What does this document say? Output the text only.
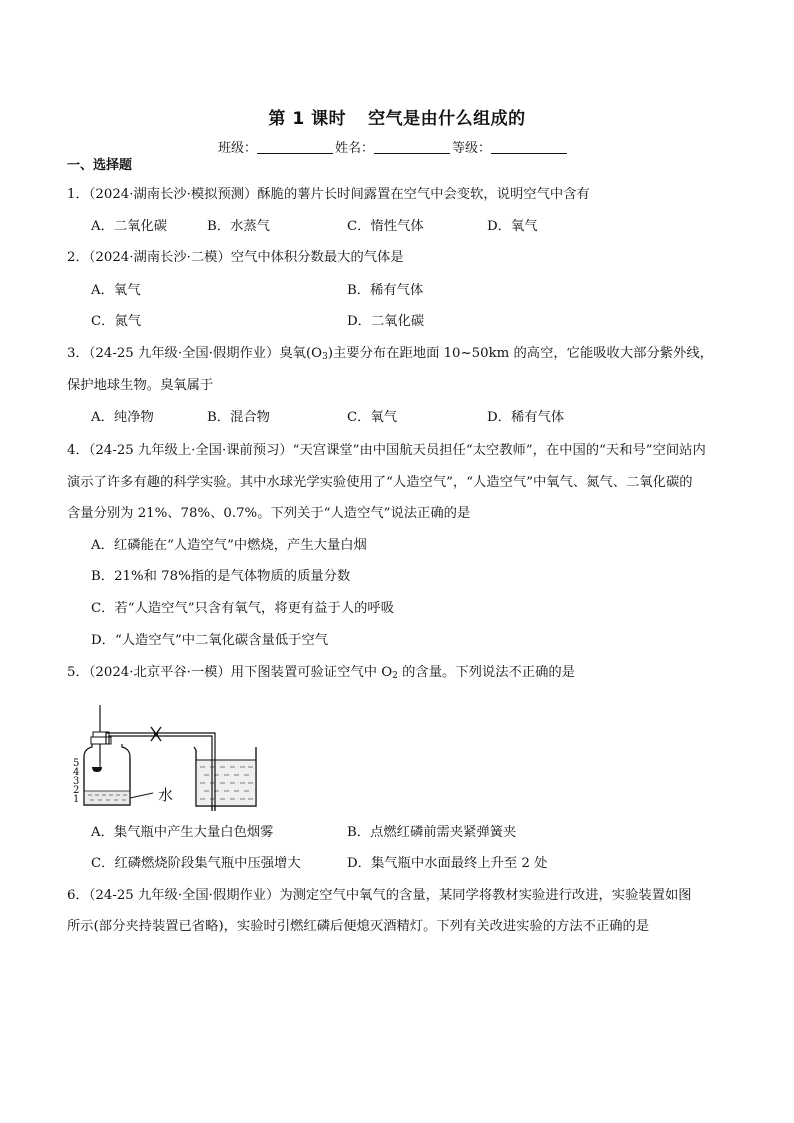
第 1 课时 空气是由什么组成的
班级：	姓名：	等级：
一、选择题
1．（2024·湖南长沙·模拟预测）酥脆的薯片长时间露置在空气中会变软，说明空气中含有
A．二氧化碳	B．水蒸气	C．惰性气体	D．氧气
2．（2024·湖南长沙·二模）空气中体积分数最大的气体是
A．氧气	B．稀有气体
C．氮气	D．二氧化碳
3．（24-25 九年级·全国·假期作业）臭氧$(O_3)$主要分布在距地面 10~50km 的高空，它能吸收大部分紫外线，
保护地球生物。臭氧属于
A．纯净物	B．混合物	C．氧气	D．稀有气体
4．（24-25 九年级上·全国·课前预习）“天宫课堂”由中国航天员担任“太空教师”，在中国的“天和号”空间站内
演示了许多有趣的科学实验。其中水球光学实验使用了“人造空气”，“人造空气”中氧气、氮气、二氧化碳的
含量分别为 21%、78%、0.7%。下列关于“人造空气”说法正确的是
A．红磷能在“人造空气”中燃烧，产生大量白烟
B．21%和 78%指的是气体物质的质量分数
C．若“人造空气”只含有氧气，将更有益于人的呼吸
D．“人造空气”中二氧化碳含量低于空气
5．（2024·北京平谷·一模）用下图装置可验证空气中 $O_2$ 的含量。下列说法不正确的是
5
4
3
2
1	水
A．集气瓶中产生大量白色烟雾	B．点燃红磷前需夹紧弹簧夹
C．红磷燃烧阶段集气瓶中压强增大	D．集气瓶中水面最终上升至 2 处
6．（24-25 九年级·全国·假期作业）为测定空气中氧气的含量，某同学将教材实验进行改进，实验装置如图
所示(部分夹持装置已省略)，实验时引燃红磷后便熄灭酒精灯。下列有关改进实验的方法不正确的是
